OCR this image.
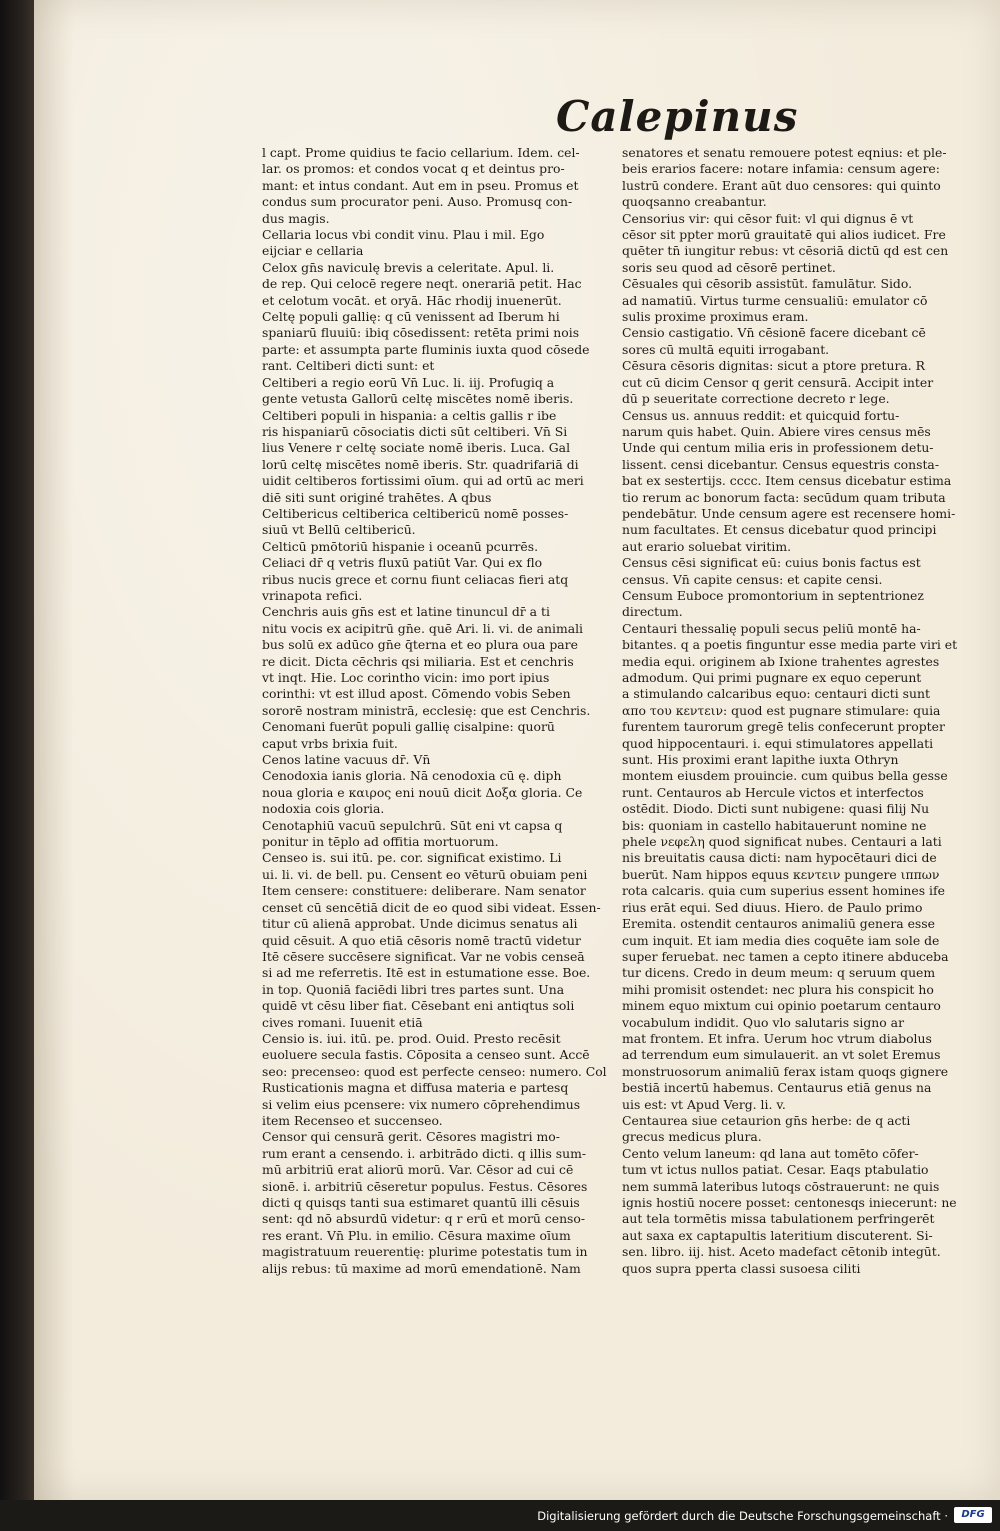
Calepinus
l capt. Prome quidius te facio cellarium. Idem. cel-
lar. os promos: et condos vocat q et deintus pro-
mant: et intus condant. Aut em in pseu. Promus et
condus sum procurator peni. Auso. Promusq con-
dus magis.
Cellaria locus vbi condit vinu. Plau i mil. Ego
eijciar e cellaria
Celox gn̄s naviculę brevis a celeritate. Apul. li.
de rep. Qui celocē regere neqt. onerariā petit. Hac
et celotum vocāt. et oryā. Hāc rhodij inuenerūt.
Celtę populi gallię: q cū venissent ad Iberum hi
spaniarū fluuiū: ibiq cōsedissent: retēta primi nois
parte: et assumpta parte fluminis iuxta quod cōsede
rant. Celtiberi dicti sunt: et
Celtiberi a regio eorū Vn̄ Luc. li. iij. Profugiq a
gente vetusta Gallorū celtę miscētes nomē iberis.
Celtiberi populi in hispania: a celtis gallis r ibe
ris hispaniarū cōsociatis dicti sūt celtiberi. Vn̄ Si
lius Venere r celtę sociate nomē iberis. Luca. Gal
lorū celtę miscētes nomē iberis. Str. quadrifariā di
uidit celtiberos fortissimi oīum. qui ad ortū ac meri
diē siti sunt originé trahētes. A qbus
Celtibericus celtiberica celtibericū nomē posses-
siuū vt Bellū celtibericū.
Celticū pmōtoriū hispanie i oceanū pcurrēs.
Celiaci dr̄ q vetris fluxū patiūt Var. Qui ex flo
ribus nucis grece et cornu fiunt celiacas fieri atq
vrinapota refici.
Cenchris auis gn̄s est et latine tinuncul dr̄ a ti
nitu vocis ex acipitrū gn̄e. quē Ari. li. vi. de animali
bus solū ex adūco gn̄e q̄terna et eo plura oua pare
re dicit. Dicta cēchris qsi miliaria. Est et cenchris
vt inqt. Hie. Loc corintho vicin: imo port ipius
corinthi: vt est illud apost. Cōmendo vobis Seben
sororē nostram ministrā, ecclesię: que est Cenchris.
Cenomani fuerūt populi gallię cisalpine: quorū
caput vrbs brixia fuit.
Cenos latine vacuus dr̄. Vn̄
Cenodoxia ianis gloria. Nā cenodoxia cū ę. diph
noua gloria e καιρος eni nouū dicit Δοξα gloria. Ce
nodoxia cois gloria.
Cenotaphiū vacuū sepulchrū. Sūt eni vt capsa q
ponitur in tēplo ad offitia mortuorum.
Censeo is. sui itū. pe. cor. significat existimo. Li
ui. li. vi. de bell. pu. Censent eo vēturū obuiam peni
Item censere: constituere: deliberare. Nam senator
censet cū sencētiā dicit de eo quod sibi videat. Essen-
titur cū alienā approbat. Unde dicimus senatus ali
quid cēsuit. A quo etiā cēsoris nomē tractū videtur
Itē cēsere succēsere significat. Var ne vobis censeā
si ad me referretis. Itē est in estumatione esse. Boe.
in top. Quoniā faciēdi libri tres partes sunt. Una
quidē vt cēsu liber fiat. Cēsebant eni antiqtus soli
cives romani. Iuuenit etiā
Censio is. iui. itū. pe. prod. Ouid. Presto recēsit
euoluere secula fastis. Cōposita a censeo sunt. Accē
seo: precenseo: quod est perfecte censeo: numero. Col
Rusticationis magna et diffusa materia e partesq
si velim eius pcensere: vix numero cōprehendimus
item Recenseo et succenseo.
Censor qui censurā gerit. Cēsores magistri mo-
rum erant a censendo. i. arbitrādo dicti. q illis sum-
mū arbitriū erat aliorū morū. Var. Cēsor ad cui cē
sionē. i. arbitriū cēseretur populus. Festus. Cēsores
dicti q quisqs tanti sua estimaret quantū illi cēsuis
sent: qd nō absurdū videtur: q r erū et morū censo-
res erant. Vn̄ Plu. in emilio. Cēsura maxime oīum
magistratuum reuerentię: plurime potestatis tum in
alijs rebus: tū maxime ad morū emendationē. Nam
senatores et senatu remouere potest eqnius: et ple-
beis erarios facere: notare infamia: censum agere:
lustrū condere. Erant aūt duo censores: qui quinto
quoqsanno creabantur.
Censorius vir: qui cēsor fuit: vl qui dignus ē vt
cēsor sit ppter morū grauitatē qui alios iudicet. Fre
quēter tn̄ iungitur rebus: vt cēsoriā dictū qd est cen
soris seu quod ad cēsorē pertinet.
Cēsuales qui cēsorib assistūt. famulātur. Sido.
ad namatiū. Virtus turme censualiū: emulator cō
sulis proxime proximus eram.
Censio castigatio. Vn̄ cēsionē facere dicebant cē
sores cū multā equiti irrogabant.
Cēsura cēsoris dignitas: sicut a ptore pretura. R
cut cū dicim Censor q gerit censurā. Accipit inter
dū p seueritate correctione decreto r lege.
Census us. annuus reddit: et quicquid fortu-
narum quis habet. Quin. Abiere vires census mēs
Unde qui centum milia eris in professionem detu-
lissent. censi dicebantur. Census equestris consta-
bat ex sestertijs. cccc. Item census dicebatur estima
tio rerum ac bonorum facta: secūdum quam tributa
pendebātur. Unde censum agere est recensere homi-
num facultates. Et census dicebatur quod principi
aut erario soluebat viritim.
Census cēsi significat eū: cuius bonis factus est
census. Vn̄ capite census: et capite censi.
Censum Euboce promontorium in septentrionez
directum.
Centauri thessalię populi secus peliū montē ha-
bitantes. q a poetis finguntur esse media parte viri et
media equi. originem ab Ixione trahentes agrestes
admodum. Qui primi pugnare ex equo ceperunt
a stimulando calcaribus equo: centauri dicti sunt
απο του κεντειν: quod est pugnare stimulare: quia
furentem taurorum gregē telis confecerunt propter
quod hippocentauri. i. equi stimulatores appellati
sunt. His proximi erant lapithe iuxta Othryn
montem eiusdem prouincie. cum quibus bella gesse
runt. Centauros ab Hercule victos et interfectos
ostēdit. Diodo. Dicti sunt nubigene: quasi filij Nu
bis: quoniam in castello habitauerunt nomine ne
phele νεφελη quod significat nubes. Centauri a lati
nis breuitatis causa dicti: nam hypocētauri dici de
buerūt. Nam hippos equus κεντειν pungere ιππων
rota calcaris. quia cum superius essent homines ife
rius erāt equi. Sed diuus. Hiero. de Paulo primo
Eremita. ostendit centauros animaliū genera esse
cum inquit. Et iam media dies coquēte iam sole de
super feruebat. nec tamen a cepto itinere abduceba
tur dicens. Credo in deum meum: q seruum quem
mihi promisit ostendet: nec plura his conspicit ho
minem equo mixtum cui opinio poetarum centauro
vocabulum indidit. Quo vlo salutaris signo ar
mat frontem. Et infra. Uerum hoc vtrum diabolus
ad terrendum eum simulauerit. an vt solet Eremus
monstruosorum animaliū ferax istam quoqs gignere
bestiā incertū habemus. Centaurus etiā genus na
uis est: vt Apud Verg. li. v.
Centaurea siue cetaurion gn̄s herbe: de q acti
grecus medicus plura.
Cento velum laneum: qd lana aut tomēto cōfer-
tum vt ictus nullos patiat. Cesar. Eaqs ptabulatio
nem summā lateribus lutoqs cōstrauerunt: ne quis
ignis hostiū nocere posset: centonesqs iniecerunt: ne
aut tela tormētis missa tabulationem perfringerēt
aut saxa ex captapultis lateritium discuterent. Si-
sen. libro. iij. hist. Aceto madefact cētonib integūt.
quos supra pperta classi susoesa ciliti
Digitalisierung gefördert durch die Deutsche Forschungsgemeinschaft ·	DFG
